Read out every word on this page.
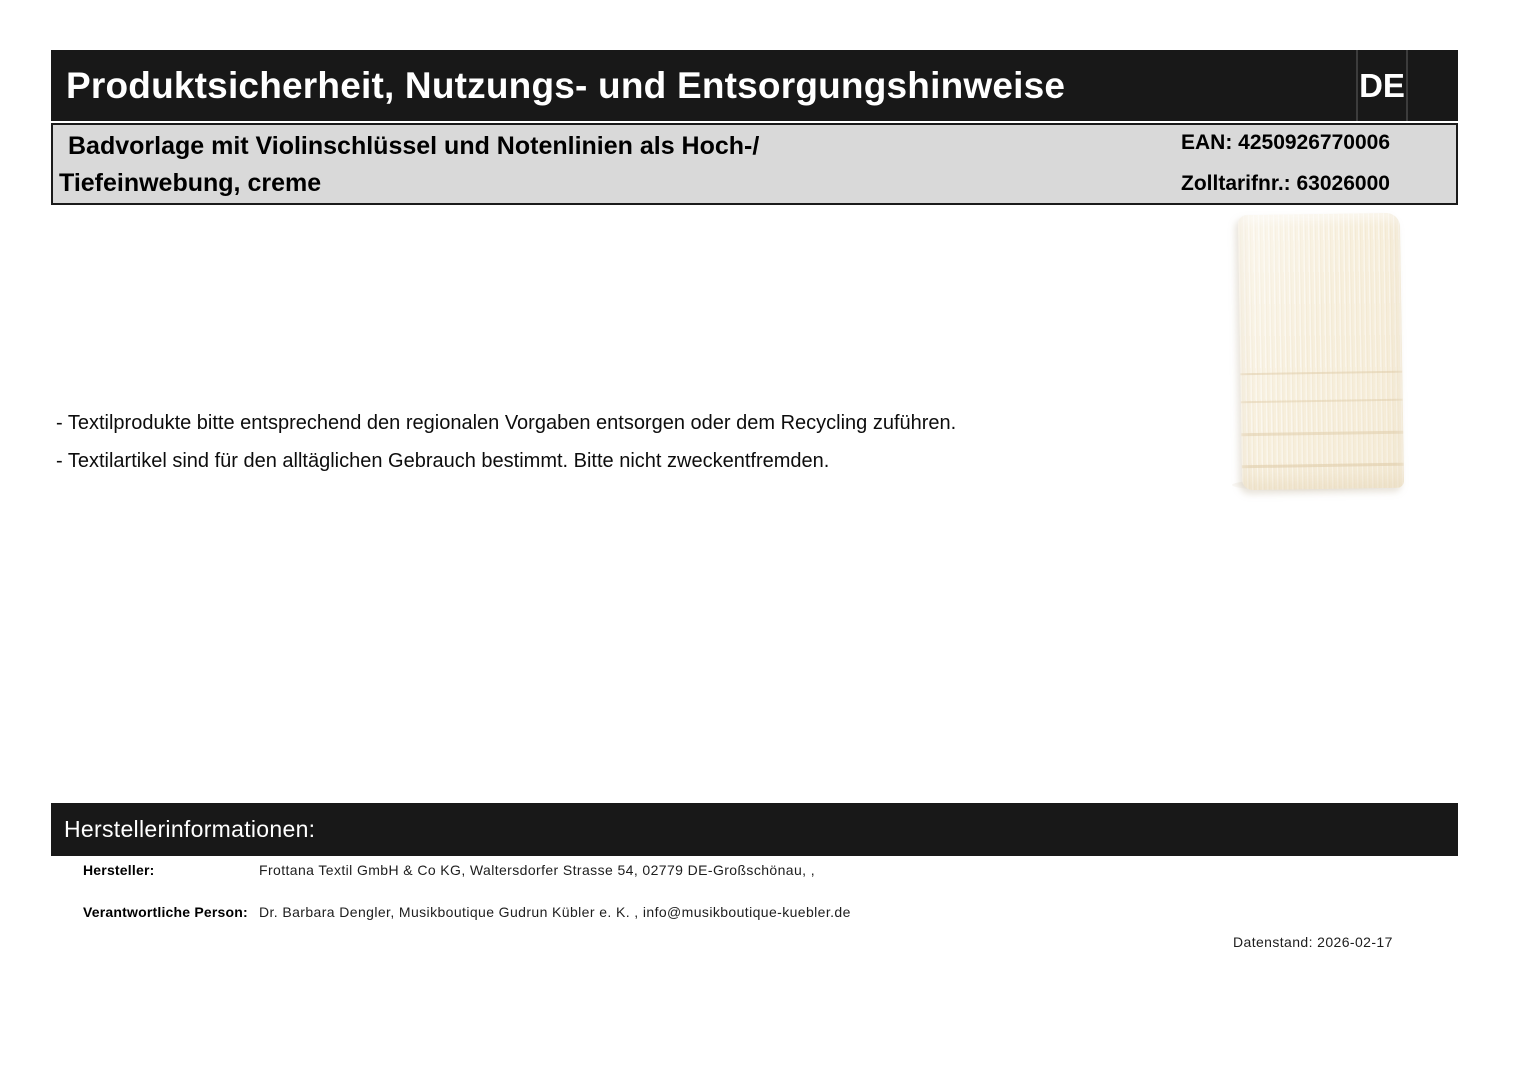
Produktsicherheit, Nutzungs- und Entsorgungshinweise	DE
Badvorlage mit Violinschlüssel und Notenlinien als Hoch-/
Tiefeinwebung, creme
EAN: 4250926770006
Zolltarifnr.: 63026000
- Textilprodukte bitte entsprechend den regionalen Vorgaben entsorgen oder dem Recycling zuführen.
- Textilartikel sind für den alltäglichen Gebrauch bestimmt. Bitte nicht zweckentfremden.
Herstellerinformationen:
Hersteller:	Frottana Textil GmbH & Co KG, Waltersdorfer Strasse 54, 02779 DE-Großschönau, ,
Verantwortliche Person: Dr. Barbara Dengler, Musikboutique Gudrun Kübler e. K. , info@musikboutique-kuebler.de
Datenstand: 2026-02-17
